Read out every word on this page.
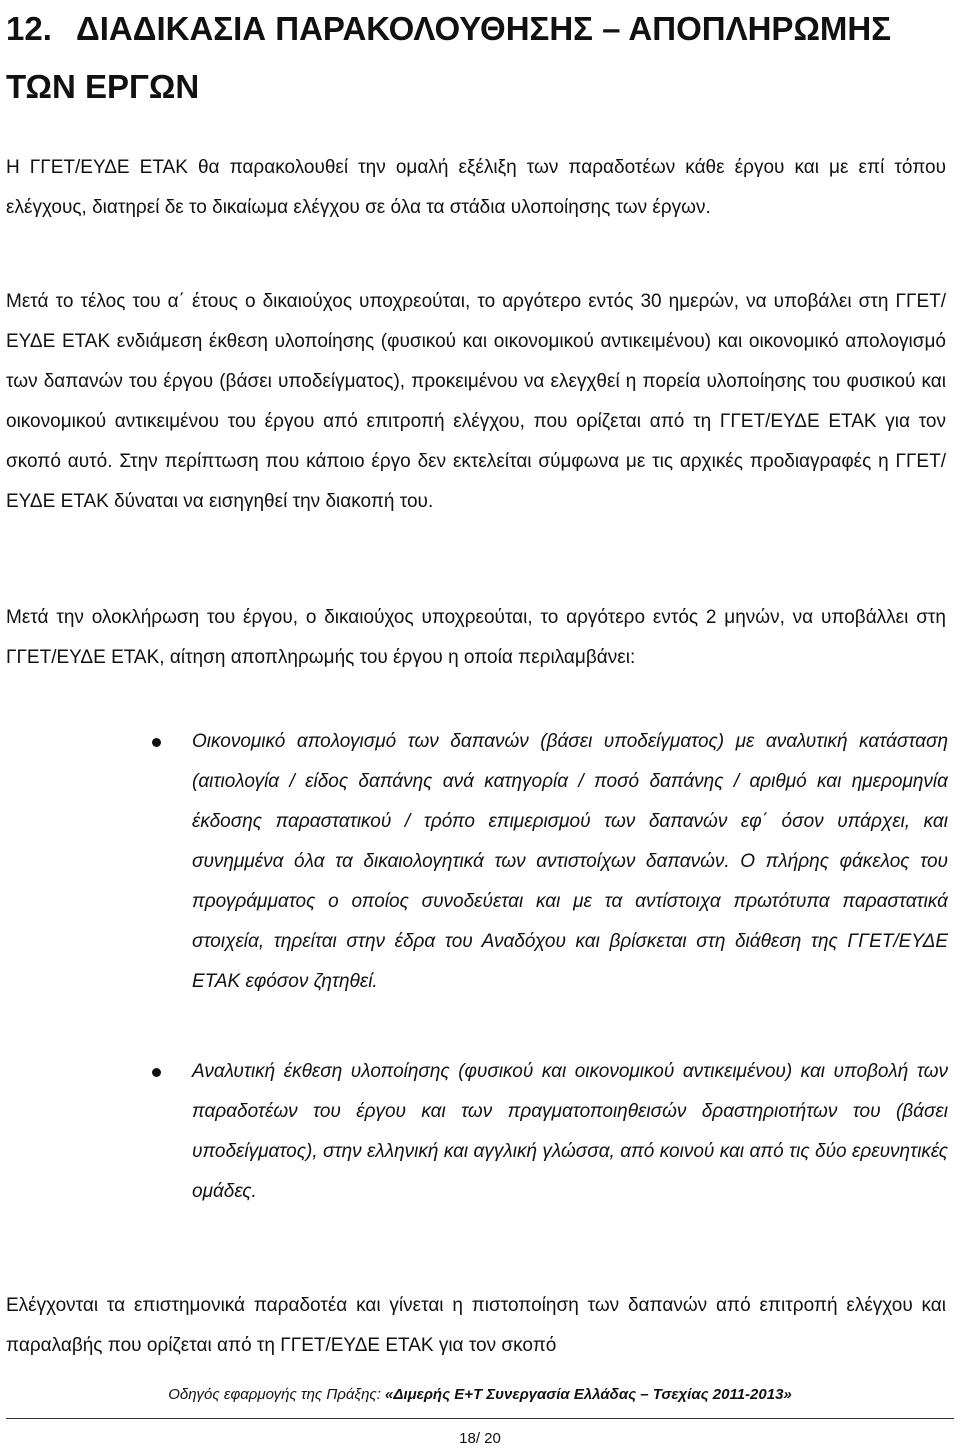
12. ΔΙΑΔΙΚΑΣΙΑ ΠΑΡΑΚΟΛΟΥΘΗΣΗΣ – ΑΠΟΠΛΗΡΩΜΗΣ ΤΩΝ ΕΡΓΩΝ

Η ΓΓΕΤ/ΕΥΔΕ ΕΤΑΚ θα παρακολουθεί την ομαλή εξέλιξη των παραδοτέων κάθε έργου και με επί τόπου ελέγχους, διατηρεί δε το δικαίωμα ελέγχου σε όλα τα στάδια υλοποίησης των έργων.

Μετά το τέλος του α΄ έτους ο δικαιούχος υποχρεούται, το αργότερο εντός 30 ημερών, να υποβάλει στη ΓΓΕΤ/ΕΥΔΕ ΕΤΑΚ ενδιάμεση έκθεση υλοποίησης (φυσικού και οικονομικού αντικειμένου) και οικονομικό απολογισμό των δαπανών του έργου (βάσει υποδείγματος), προκειμένου να ελεγχθεί η πορεία υλοποίησης του φυσικού και οικονομικού αντικειμένου του έργου από επιτροπή ελέγχου, που ορίζεται από τη ΓΓΕΤ/ΕΥΔΕ ΕΤΑΚ για τον σκοπό αυτό. Στην περίπτωση που κάποιο έργο δεν εκτελείται σύμφωνα με τις αρχικές προδιαγραφές η ΓΓΕΤ/ΕΥΔΕ ΕΤΑΚ δύναται να εισηγηθεί την διακοπή του.

Μετά την ολοκλήρωση του έργου, ο δικαιούχος υποχρεούται, το αργότερο εντός 2 μηνών, να υποβάλλει στη ΓΓΕΤ/ΕΥΔΕ ΕΤΑΚ, αίτηση αποπληρωμής του έργου η οποία περιλαμβάνει:

Οικονομικό απολογισμό των δαπανών (βάσει υποδείγματος) με αναλυτική κατάσταση (αιτιολογία / είδος δαπάνης ανά κατηγορία / ποσό δαπάνης / αριθμό και ημερομηνία έκδοσης παραστατικού / τρόπο επιμερισμού των δαπανών εφ΄ όσον υπάρχει, και συνημμένα όλα τα δικαιολογητικά των αντιστοίχων δαπανών. Ο πλήρης φάκελος του προγράμματος ο οποίος συνοδεύεται και με τα αντίστοιχα πρωτότυπα παραστατικά στοιχεία, τηρείται στην έδρα του Αναδόχου και βρίσκεται στη διάθεση της ΓΓΕΤ/ΕΥΔΕ ΕΤΑΚ εφόσον ζητηθεί.
Αναλυτική έκθεση υλοποίησης (φυσικού και οικονομικού αντικειμένου) και υποβολή των παραδοτέων του έργου και των πραγματοποιηθεισών δραστηριοτήτων του (βάσει υποδείγματος), στην ελληνική και αγγλική γλώσσα, από κοινού και από τις δύο ερευνητικές ομάδες.

Ελέγχονται τα επιστημονικά παραδοτέα και γίνεται η πιστοποίηση των δαπανών από επιτροπή ελέγχου και παραλαβής που ορίζεται από τη ΓΓΕΤ/ΕΥΔΕ ΕΤΑΚ για τον σκοπό

Οδηγός εφαρμογής της Πράξης: «Διμερής Ε+Τ Συνεργασία Ελλάδας – Τσεχίας 2011-2013»
18/ 20
